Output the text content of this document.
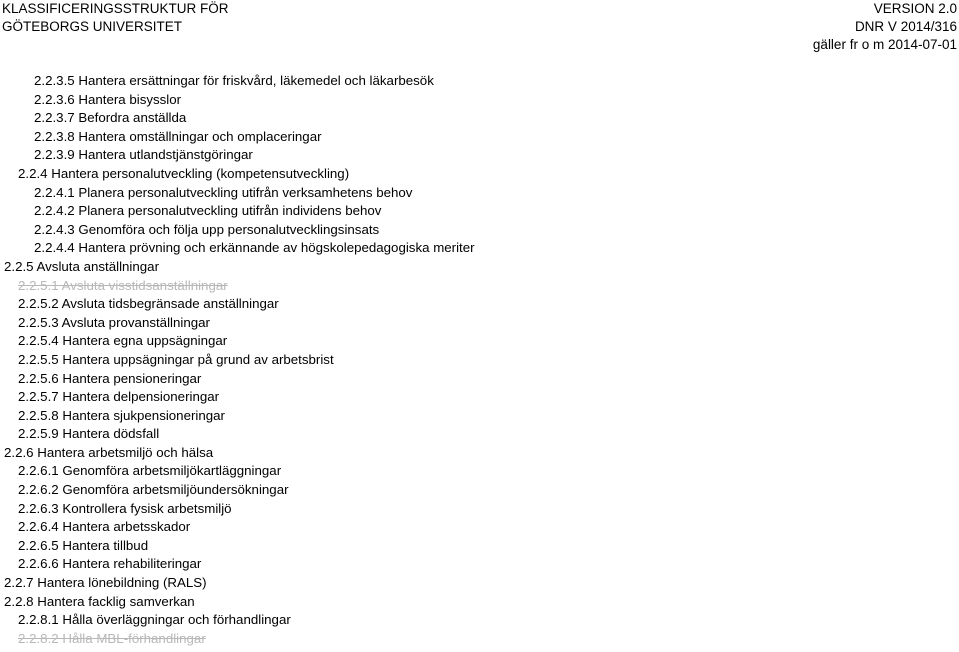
KLASSIFICERINGSSTRUKTUR FÖR
GÖTEBORGS UNIVERSITET
VERSION 2.0
DNR V 2014/316
gäller fr o m 2014-07-01
2.2.3.5 Hantera ersättningar för friskvård, läkemedel och läkarbesök
2.2.3.6 Hantera bisysslor
2.2.3.7 Befordra anställda
2.2.3.8 Hantera omställningar och omplaceringar
2.2.3.9 Hantera utlandstjänstgöringar
2.2.4 Hantera personalutveckling (kompetensutveckling)
2.2.4.1 Planera personalutveckling utifrån verksamhetens behov
2.2.4.2 Planera personalutveckling utifrån individens behov
2.2.4.3 Genomföra och följa upp personalutvecklingsinsats
2.2.4.4 Hantera prövning och erkännande av högskolepedagogiska meriter
2.2.5 Avsluta anställningar
2.2.5.1 Avsluta visstidsanställningar
2.2.5.2 Avsluta tidsbegränsade anställningar
2.2.5.3 Avsluta provanställningar
2.2.5.4 Hantera egna uppsägningar
2.2.5.5 Hantera uppsägningar på grund av arbetsbrist
2.2.5.6 Hantera pensioneringar
2.2.5.7 Hantera delpensioneringar
2.2.5.8 Hantera sjukpensioneringar
2.2.5.9 Hantera dödsfall
2.2.6 Hantera arbetsmiljö och hälsa
2.2.6.1 Genomföra arbetsmiljökartläggningar
2.2.6.2 Genomföra arbetsmiljöundersökningar
2.2.6.3 Kontrollera fysisk arbetsmiljö
2.2.6.4 Hantera arbetsskador
2.2.6.5 Hantera tillbud
2.2.6.6 Hantera rehabiliteringar
2.2.7 Hantera lönebildning (RALS)
2.2.8 Hantera facklig samverkan
2.2.8.1 Hålla överläggningar och förhandlingar
2.2.8.2 Hålla MBL-förhandlingar
